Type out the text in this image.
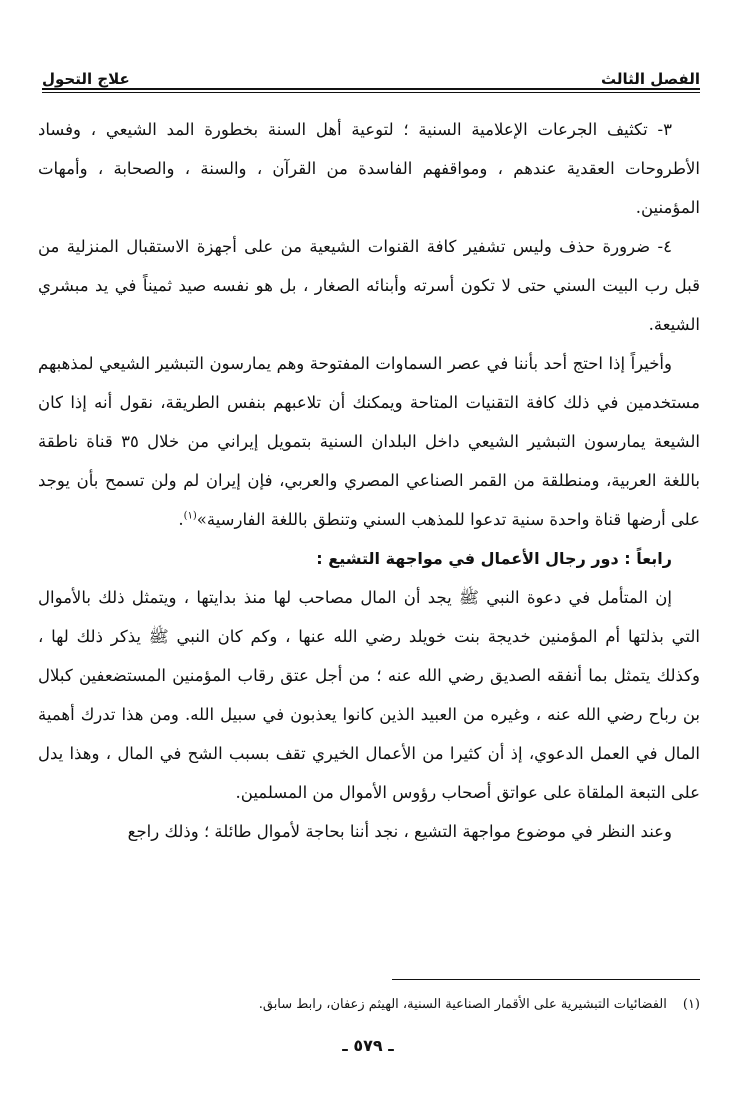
الفصل الثالث
علاج التحول

٣- تكثيف الجرعات الإعلامية السنية ؛ لتوعية أهل السنة بخطورة المد الشيعي ، وفساد الأطروحات العقدية عندهم ، ومواقفهم الفاسدة من القرآن ، والسنة ، والصحابة ، وأمهات المؤمنين.

٤- ضرورة حذف وليس تشفير كافة القنوات الشيعية من على أجهزة الاستقبال المنزلية من قبل رب البيت السني حتى لا تكون أسرته وأبنائه الصغار ، بل هو نفسه صيد ثميناً في يد مبشري الشيعة.

وأخيراً إذا احتج أحد بأننا في عصر السماوات المفتوحة وهم يمارسون التبشير الشيعي لمذهبهم مستخدمين في ذلك كافة التقنيات المتاحة ويمكنك أن تلاعبهم بنفس الطريقة، نقول أنه إذا كان الشيعة يمارسون التبشير الشيعي داخل البلدان السنية بتمويل إيراني من خلال ٣٥ قناة ناطقة باللغة العربية، ومنطلقة من القمر الصناعي المصري والعربي، فإن إيران لم ولن تسمح بأن يوجد على أرضها قناة واحدة سنية تدعوا للمذهب السني وتنطق باللغة الفارسية»$^{(١)}$.

رابعاً : دور رجال الأعمال في مواجهة التشيع :

إن المتأمل في دعوة النبي ﷺ يجد أن المال مصاحب لها منذ بدايتها ، ويتمثل ذلك بالأموال التي بذلتها أم المؤمنين خديجة بنت خويلد رضي الله عنها ، وكم كان النبي ﷺ يذكر ذلك لها ، وكذلك يتمثل بما أنفقه الصديق رضي الله عنه ؛ من أجل عتق رقاب المؤمنين المستضعفين كبلال بن رباح رضي الله عنه ، وغيره من العبيد الذين كانوا يعذبون في سبيل الله. ومن هذا تدرك أهمية المال في العمل الدعوي، إذ أن كثيرا من الأعمال الخيري تقف بسبب الشح في المال ، وهذا يدل على التبعة الملقاة على عواتق أصحاب رؤوس الأموال من المسلمين.

وعند النظر في موضوع مواجهة التشيع ، نجد أننا بحاجة لأموال طائلة ؛ وذلك راجع

(١)الفضائيات التبشيرية على الأقمار الصناعية السنية، الهيثم زعفان، رابط سابق.
ـ ٥٧٩ ـ
